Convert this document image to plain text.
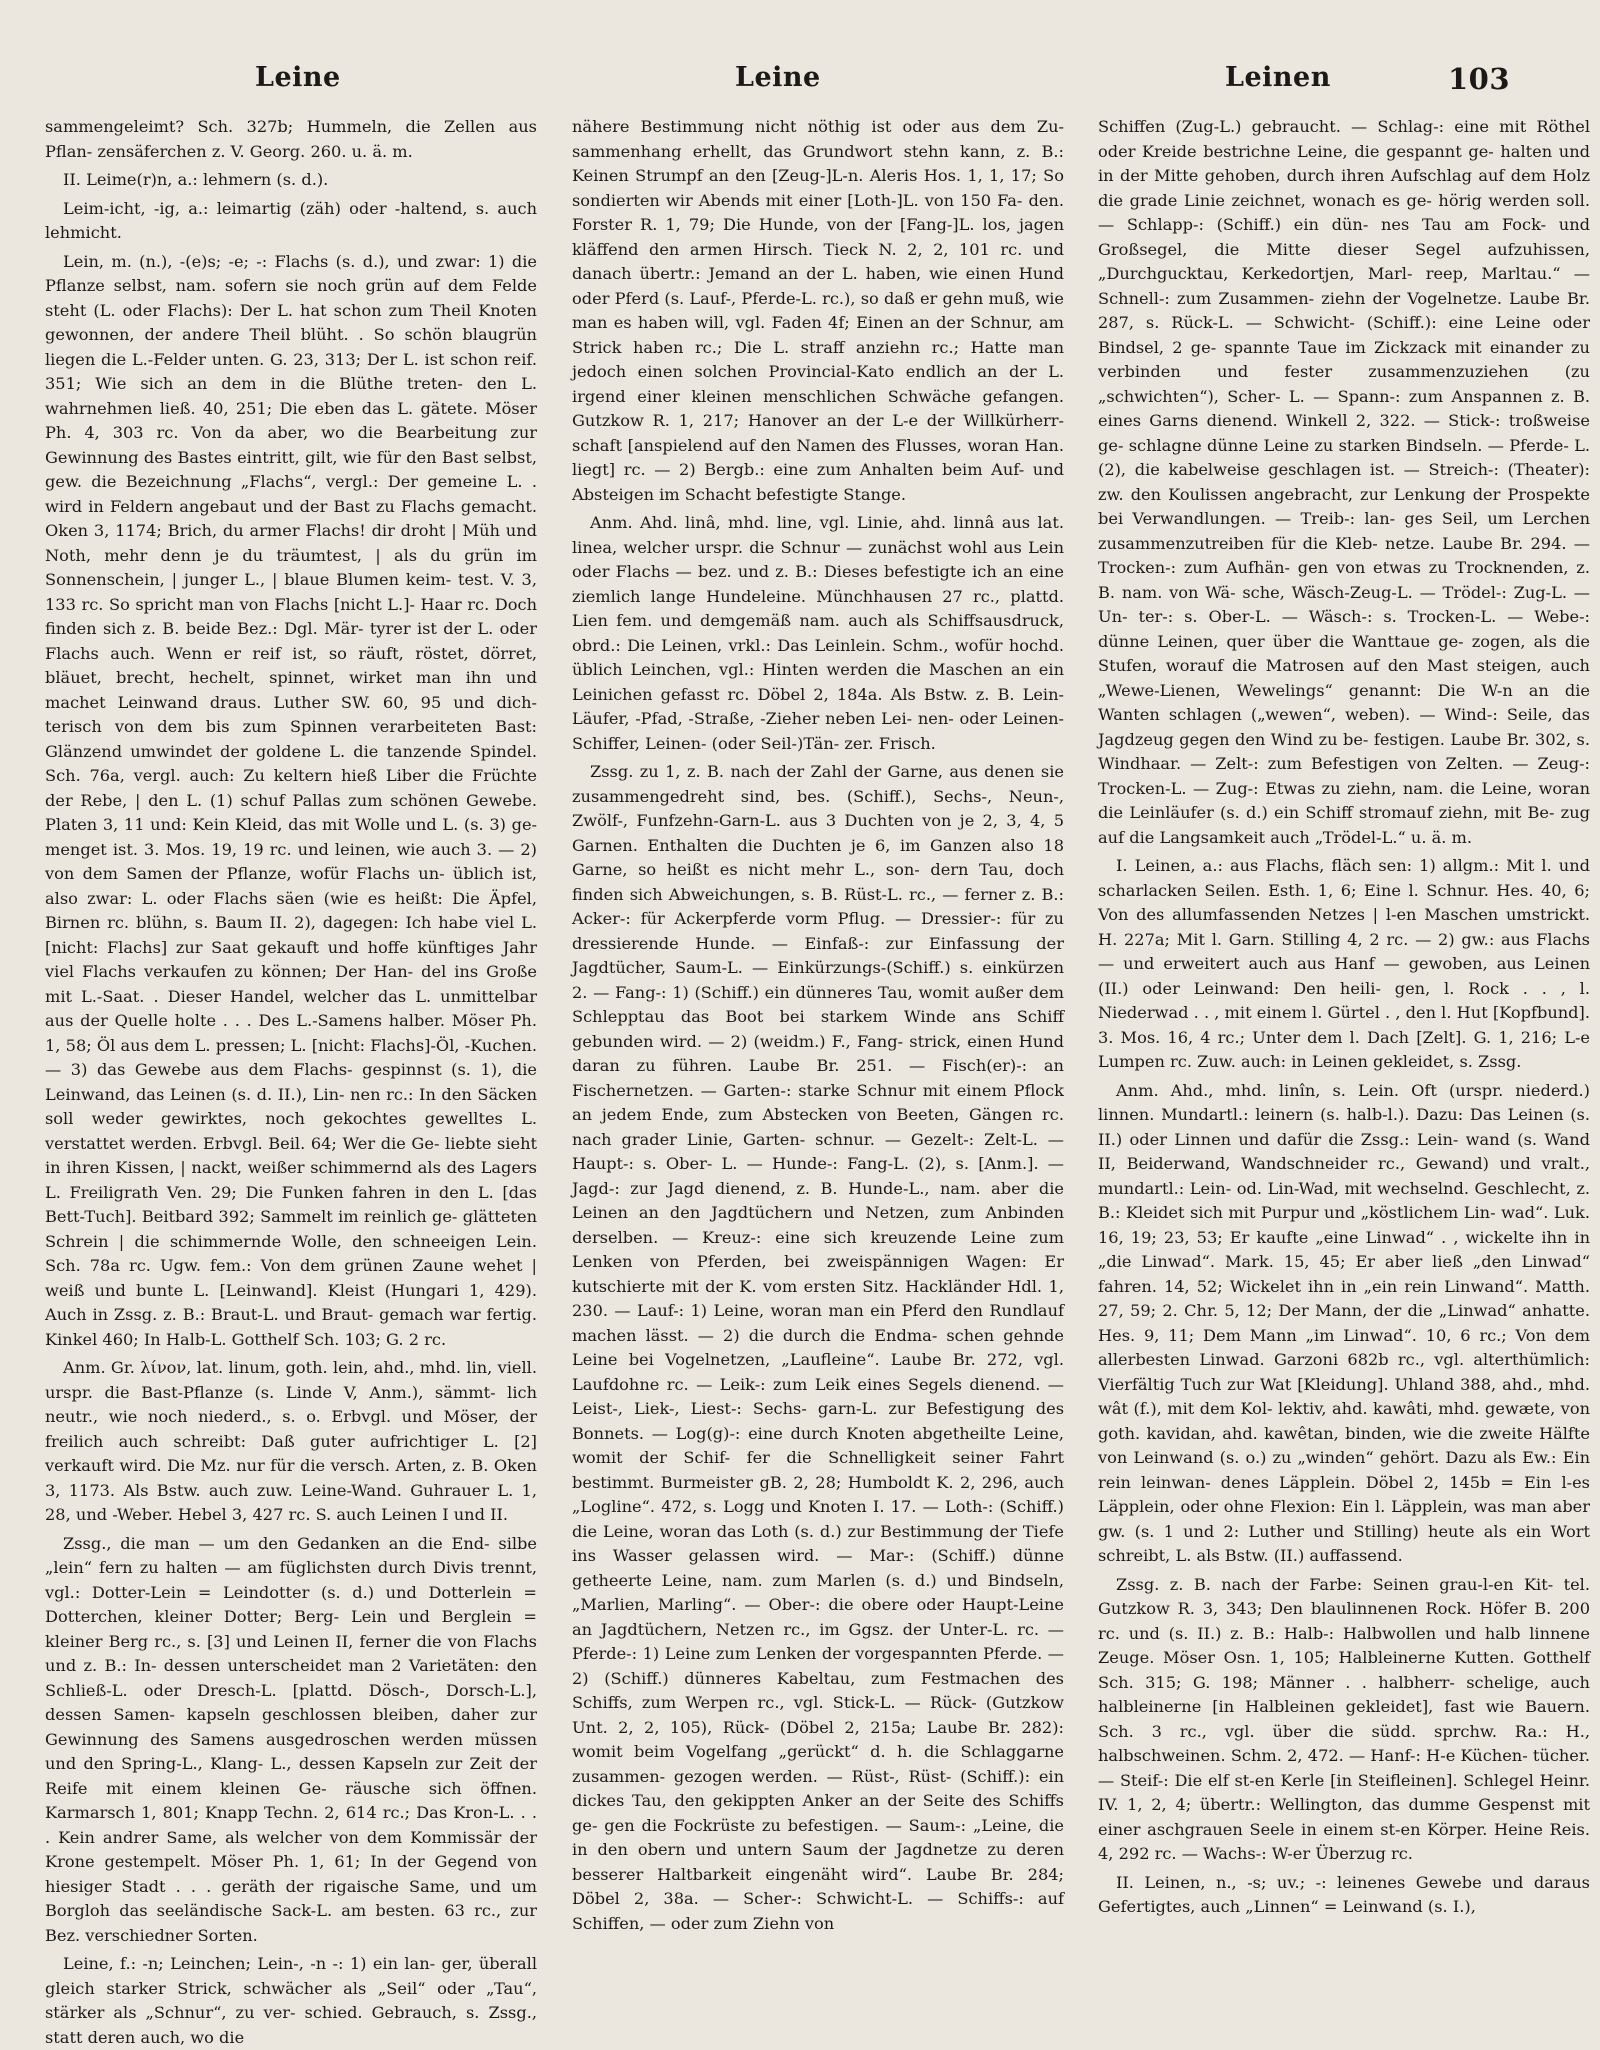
Leine	Leine	Leinen	103

sammengeleimt? Sch. 327b; Hummeln, die Zellen aus Pflan- zensäferchen z. V. Georg. 260. u. ä. m.

II. Leime(r)n, a.: lehmern (s. d.).

Leim-icht, -ig, a.: leimartig (zäh) oder -haltend, s. auch lehmicht.

Lein, m. (n.), -(e)s; -e; -: Flachs (s. d.), und zwar: 1) die Pflanze selbst, nam. sofern sie noch grün auf dem Felde steht (L. oder Flachs): Der L. hat schon zum Theil Knoten gewonnen, der andere Theil blüht. . So schön blaugrün liegen die L.-Felder unten. G. 23, 313; Der L. ist schon reif. 351; Wie sich an dem in die Blüthe treten- den L. wahrnehmen ließ. 40, 251; Die eben das L. gätete. Möser Ph. 4, 303 rc. Von da aber, wo die Bearbeitung zur Gewinnung des Bastes eintritt, gilt, wie für den Bast selbst, gew. die Bezeichnung „Flachs“, vergl.: Der gemeine L. . wird in Feldern angebaut und der Bast zu Flachs gemacht. Oken 3, 1174; Brich, du armer Flachs! dir droht | Müh und Noth, mehr denn je du träumtest, | als du grün im Sonnenschein, | junger L., | blaue Blumen keim- test. V. 3, 133 rc. So spricht man von Flachs [nicht L.]- Haar rc. Doch finden sich z. B. beide Bez.: Dgl. Mär- tyrer ist der L. oder Flachs auch. Wenn er reif ist, so räuft, röstet, dörret, bläuet, brecht, hechelt, spinnet, wirket man ihn und machet Leinwand draus. Luther SW. 60, 95 und dich- terisch von dem bis zum Spinnen verarbeiteten Bast: Glänzend umwindet der goldene L. die tanzende Spindel. Sch. 76a, vergl. auch: Zu keltern hieß Liber die Früchte der Rebe, | den L. (1) schuf Pallas zum schönen Gewebe. Platen 3, 11 und: Kein Kleid, das mit Wolle und L. (s. 3) ge- menget ist. 3. Mos. 19, 19 rc. und leinen, wie auch 3. — 2) von dem Samen der Pflanze, wofür Flachs un- üblich ist, also zwar: L. oder Flachs säen (wie es heißt: Die Äpfel, Birnen rc. blühn, s. Baum II. 2), dagegen: Ich habe viel L. [nicht: Flachs] zur Saat gekauft und hoffe künftiges Jahr viel Flachs verkaufen zu können; Der Han- del ins Große mit L.-Saat. . Dieser Handel, welcher das L. unmittelbar aus der Quelle holte . . . Des L.-Samens halber. Möser Ph. 1, 58; Öl aus dem L. pressen; L. [nicht: Flachs]-Öl, -Kuchen. — 3) das Gewebe aus dem Flachs- gespinnst (s. 1), die Leinwand, das Leinen (s. d. II.), Lin- nen rc.: In den Säcken soll weder gewirktes, noch gekochtes gewelltes L. verstattet werden. Erbvgl. Beil. 64; Wer die Ge- liebte sieht in ihren Kissen, | nackt, weißer schimmernd als des Lagers L. Freiligrath Ven. 29; Die Funken fahren in den L. [das Bett-Tuch]. Beitbard 392; Sammelt im reinlich ge- glätteten Schrein | die schimmernde Wolle, den schneeigen Lein. Sch. 78a rc. Ugw. fem.: Von dem grünen Zaune wehet | weiß und bunte L. [Leinwand]. Kleist (Hungari 1, 429). Auch in Zssg. z. B.: Braut-L. und Braut- gemach war fertig. Kinkel 460; In Halb-L. Gotthelf Sch. 103; G. 2 rc.

Anm. Gr. λίνον, lat. linum, goth. lein, ahd., mhd. lin, viell. urspr. die Bast-Pflanze (s. Linde V, Anm.), sämmt- lich neutr., wie noch niederd., s. o. Erbvgl. und Möser, der freilich auch schreibt: Daß guter aufrichtiger L. [2] verkauft wird. Die Mz. nur für die versch. Arten, z. B. Oken 3, 1173. Als Bstw. auch zuw. Leine-Wand. Guhrauer L. 1, 28, und -Weber. Hebel 3, 427 rc. S. auch Leinen I und II.

Zssg., die man — um den Gedanken an die End- silbe „lein“ fern zu halten — am füglichsten durch Divis trennt, vgl.: Dotter-Lein = Leindotter (s. d.) und Dotterlein = Dotterchen, kleiner Dotter; Berg- Lein und Berglein = kleiner Berg rc., s. [3] und Leinen II, ferner die von Flachs und z. B.: In- dessen unterscheidet man 2 Varietäten: den Schließ-L. oder Dresch-L. [plattd. Dösch-, Dorsch-L.], dessen Samen- kapseln geschlossen bleiben, daher zur Gewinnung des Samens ausgedroschen werden müssen und den Spring-L., Klang- L., dessen Kapseln zur Zeit der Reife mit einem kleinen Ge- räusche sich öffnen. Karmarsch 1, 801; Knapp Techn. 2, 614 rc.; Das Kron-L. . . . Kein andrer Same, als welcher von dem Kommissär der Krone gestempelt. Möser Ph. 1, 61; In der Gegend von hiesiger Stadt . . . geräth der rigaische Same, und um Borgloh das seeländische Sack-L. am besten. 63 rc., zur Bez. verschiedner Sorten.

Leine, f.: -n; Leinchen; Lein-, -n -: 1) ein lan- ger, überall gleich starker Strick, schwächer als „Seil“ oder „Tau“, stärker als „Schnur“, zu ver- schied. Gebrauch, s. Zssg., statt deren auch, wo die

nähere Bestimmung nicht nöthig ist oder aus dem Zu- sammenhang erhellt, das Grundwort stehn kann, z. B.: Keinen Strumpf an den [Zeug-]L-n. Aleris Hos. 1, 1, 17; So sondierten wir Abends mit einer [Loth-]L. von 150 Fa- den. Forster R. 1, 79; Die Hunde, von der [Fang-]L. los, jagen kläffend den armen Hirsch. Tieck N. 2, 2, 101 rc. und danach übertr.: Jemand an der L. haben, wie einen Hund oder Pferd (s. Lauf-, Pferde-L. rc.), so daß er gehn muß, wie man es haben will, vgl. Faden 4f; Einen an der Schnur, am Strick haben rc.; Die L. straff anziehn rc.; Hatte man jedoch einen solchen Provincial-Kato endlich an der L. irgend einer kleinen menschlichen Schwäche gefangen. Gutzkow R. 1, 217; Hanover an der L-e der Willkürherr- schaft [anspielend auf den Namen des Flusses, woran Han. liegt] rc. — 2) Bergb.: eine zum Anhalten beim Auf- und Absteigen im Schacht befestigte Stange.

Anm. Ahd. linâ, mhd. line, vgl. Linie, ahd. linnâ aus lat. linea, welcher urspr. die Schnur — zunächst wohl aus Lein oder Flachs — bez. und z. B.: Dieses befestigte ich an eine ziemlich lange Hundeleine. Münchhausen 27 rc., plattd. Lien fem. und demgemäß nam. auch als Schiffsausdruck, obrd.: Die Leinen, vrkl.: Das Leinlein. Schm., wofür hochd. üblich Leinchen, vgl.: Hinten werden die Maschen an ein Leinichen gefasst rc. Döbel 2, 184a. Als Bstw. z. B. Lein-Läufer, -Pfad, -Straße, -Zieher neben Lei- nen- oder Leinen-Schiffer, Leinen- (oder Seil-)Tän- zer. Frisch.

Zssg. zu 1, z. B. nach der Zahl der Garne, aus denen sie zusammengedreht sind, bes. (Schiff.), Sechs-, Neun-, Zwölf-, Funfzehn-Garn-L. aus 3 Duchten von je 2, 3, 4, 5 Garnen. Enthalten die Duchten je 6, im Ganzen also 18 Garne, so heißt es nicht mehr L., son- dern Tau, doch finden sich Abweichungen, s. B. Rüst-L. rc., — ferner z. B.: Acker-: für Ackerpferde vorm Pflug. — Dressier-: für zu dressierende Hunde. — Einfaß-: zur Einfassung der Jagdtücher, Saum-L. — Einkürzungs-(Schiff.) s. einkürzen 2. — Fang-: 1) (Schiff.) ein dünneres Tau, womit außer dem Schlepptau das Boot bei starkem Winde ans Schiff gebunden wird. — 2) (weidm.) F., Fang- strick, einen Hund daran zu führen. Laube Br. 251. — Fisch(er)-: an Fischernetzen. — Garten-: starke Schnur mit einem Pflock an jedem Ende, zum Abstecken von Beeten, Gängen rc. nach grader Linie, Garten- schnur. — Gezelt-: Zelt-L. — Haupt-: s. Ober- L. — Hunde-: Fang-L. (2), s. [Anm.]. — Jagd-: zur Jagd dienend, z. B. Hunde-L., nam. aber die Leinen an den Jagdtüchern und Netzen, zum Anbinden derselben. — Kreuz-: eine sich kreuzende Leine zum Lenken von Pferden, bei zweispännigen Wagen: Er kutschierte mit der K. vom ersten Sitz. Hackländer Hdl. 1, 230. — Lauf-: 1) Leine, woran man ein Pferd den Rundlauf machen lässt. — 2) die durch die Endma- schen gehnde Leine bei Vogelnetzen, „Laufleine“. Laube Br. 272, vgl. Laufdohne rc. — Leik-: zum Leik eines Segels dienend. — Leist-, Liek-, Liest-: Sechs- garn-L. zur Befestigung des Bonnets. — Log(g)-: eine durch Knoten abgetheilte Leine, womit der Schif- fer die Schnelligkeit seiner Fahrt bestimmt. Burmeister gB. 2, 28; Humboldt K. 2, 296, auch „Logline“. 472, s. Logg und Knoten I. 17. — Loth-: (Schiff.) die Leine, woran das Loth (s. d.) zur Bestimmung der Tiefe ins Wasser gelassen wird. — Mar-: (Schiff.) dünne getheerte Leine, nam. zum Marlen (s. d.) und Bindseln, „Marlien, Marling“. — Ober-: die obere oder Haupt-Leine an Jagdtüchern, Netzen rc., im Ggsz. der Unter-L. rc. — Pferde-: 1) Leine zum Lenken der vorgespannten Pferde. — 2) (Schiff.) dünneres Kabeltau, zum Festmachen des Schiffs, zum Werpen rc., vgl. Stick-L. — Rück- (Gutzkow Unt. 2, 2, 105), Rück- (Döbel 2, 215a; Laube Br. 282): womit beim Vogelfang „gerückt“ d. h. die Schlaggarne zusammen- gezogen werden. — Rüst-, Rüst- (Schiff.): ein dickes Tau, den gekippten Anker an der Seite des Schiffs ge- gen die Fockrüste zu befestigen. — Saum-: „Leine, die in den obern und untern Saum der Jagdnetze zu deren besserer Haltbarkeit eingenäht wird“. Laube Br. 284; Döbel 2, 38a. — Scher-: Schwicht-L. — Schiffs-: auf Schiffen, — oder zum Ziehn von

Schiffen (Zug-L.) gebraucht. — Schlag-: eine mit Röthel oder Kreide bestrichne Leine, die gespannt ge- halten und in der Mitte gehoben, durch ihren Aufschlag auf dem Holz die grade Linie zeichnet, wonach es ge- hörig werden soll. — Schlapp-: (Schiff.) ein dün- nes Tau am Fock- und Großsegel, die Mitte dieser Segel aufzuhissen, „Durchgucktau, Kerkedortjen, Marl- reep, Marltau.“ — Schnell-: zum Zusammen- ziehn der Vogelnetze. Laube Br. 287, s. Rück-L. — Schwicht- (Schiff.): eine Leine oder Bindsel, 2 ge- spannte Taue im Zickzack mit einander zu verbinden und fester zusammenzuziehen (zu „schwichten“), Scher- L. — Spann-: zum Anspannen z. B. eines Garns dienend. Winkell 2, 322. — Stick-: troßweise ge- schlagne dünne Leine zu starken Bindseln. — Pferde- L. (2), die kabelweise geschlagen ist. — Streich-: (Theater): zw. den Koulissen angebracht, zur Lenkung der Prospekte bei Verwandlungen. — Treib-: lan- ges Seil, um Lerchen zusammenzutreiben für die Kleb- netze. Laube Br. 294. — Trocken-: zum Aufhän- gen von etwas zu Trocknenden, z. B. nam. von Wä- sche, Wäsch-Zeug-L. — Trödel-: Zug-L. — Un- ter-: s. Ober-L. — Wäsch-: s. Trocken-L. — Webe-: dünne Leinen, quer über die Wanttaue ge- zogen, als die Stufen, worauf die Matrosen auf den Mast steigen, auch „Wewe-Lienen, Wewelings“ genannt: Die W-n an die Wanten schlagen („wewen“, weben). — Wind-: Seile, das Jagdzeug gegen den Wind zu be- festigen. Laube Br. 302, s. Windhaar. — Zelt-: zum Befestigen von Zelten. — Zeug-: Trocken-L. — Zug-: Etwas zu ziehn, nam. die Leine, woran die Leinläufer (s. d.) ein Schiff stromauf ziehn, mit Be- zug auf die Langsamkeit auch „Trödel-L.“ u. ä. m.

I. Leinen, a.: aus Flachs, fläch sen: 1) allgm.: Mit l. und scharlacken Seilen. Esth. 1, 6; Eine l. Schnur. Hes. 40, 6; Von des allumfassenden Netzes | l-en Maschen umstrickt. H. 227a; Mit l. Garn. Stilling 4, 2 rc. — 2) gw.: aus Flachs — und erweitert auch aus Hanf — gewoben, aus Leinen (II.) oder Leinwand: Den heili- gen, l. Rock . . , l. Niederwad . . , mit einem l. Gürtel . , den l. Hut [Kopfbund]. 3. Mos. 16, 4 rc.; Unter dem l. Dach [Zelt]. G. 1, 216; L-e Lumpen rc. Zuw. auch: in Leinen gekleidet, s. Zssg.

Anm. Ahd., mhd. linîn, s. Lein. Oft (urspr. niederd.) linnen. Mundartl.: leinern (s. halb-l.). Dazu: Das Leinen (s. II.) oder Linnen und dafür die Zssg.: Lein- wand (s. Wand II, Beiderwand, Wandschneider rc., Gewand) und vralt., mundartl.: Lein- od. Lin-Wad, mit wechselnd. Geschlecht, z. B.: Kleidet sich mit Purpur und „köstlichem Lin- wad“. Luk. 16, 19; 23, 53; Er kaufte „eine Linwad“ . , wickelte ihn in „die Linwad“. Mark. 15, 45; Er aber ließ „den Linwad“ fahren. 14, 52; Wickelet ihn in „ein rein Linwand“. Matth. 27, 59; 2. Chr. 5, 12; Der Mann, der die „Linwad“ anhatte. Hes. 9, 11; Dem Mann „im Linwad“. 10, 6 rc.; Von dem allerbesten Linwad. Garzoni 682b rc., vgl. alterthümlich: Vierfältig Tuch zur Wat [Kleidung]. Uhland 388, ahd., mhd. wât (f.), mit dem Kol- lektiv, ahd. kawâti, mhd. gewæte, von goth. kavidan, ahd. kawêtan, binden, wie die zweite Hälfte von Leinwand (s. o.) zu „winden“ gehört. Dazu als Ew.: Ein rein leinwan- denes Läpplein. Döbel 2, 145b = Ein l-es Läpplein, oder ohne Flexion: Ein l. Läpplein, was man aber gw. (s. 1 und 2: Luther und Stilling) heute als ein Wort schreibt, L. als Bstw. (II.) auffassend.

Zssg. z. B. nach der Farbe: Seinen grau-l-en Kit- tel. Gutzkow R. 3, 343; Den blaulinnenen Rock. Höfer B. 200 rc. und (s. II.) z. B.: Halb-: Halbwollen und halb linnene Zeuge. Möser Osn. 1, 105; Halbleinerne Kutten. Gotthelf Sch. 315; G. 198; Männer . . halbherr- schelige, auch halbleinerne [in Halbleinen gekleidet], fast wie Bauern. Sch. 3 rc., vgl. über die südd. sprchw. Ra.: H., halbschweinen. Schm. 2, 472. — Hanf-: H-e Küchen- tücher. — Steif-: Die elf st-en Kerle [in Steifleinen]. Schlegel Heinr. IV. 1, 2, 4; übertr.: Wellington, das dumme Gespenst mit einer aschgrauen Seele in einem st-en Körper. Heine Reis. 4, 292 rc. — Wachs-: W-er Überzug rc.

II. Leinen, n., -s; uv.; -: leinenes Gewebe und daraus Gefertigtes, auch „Linnen“ = Leinwand (s. I.),
